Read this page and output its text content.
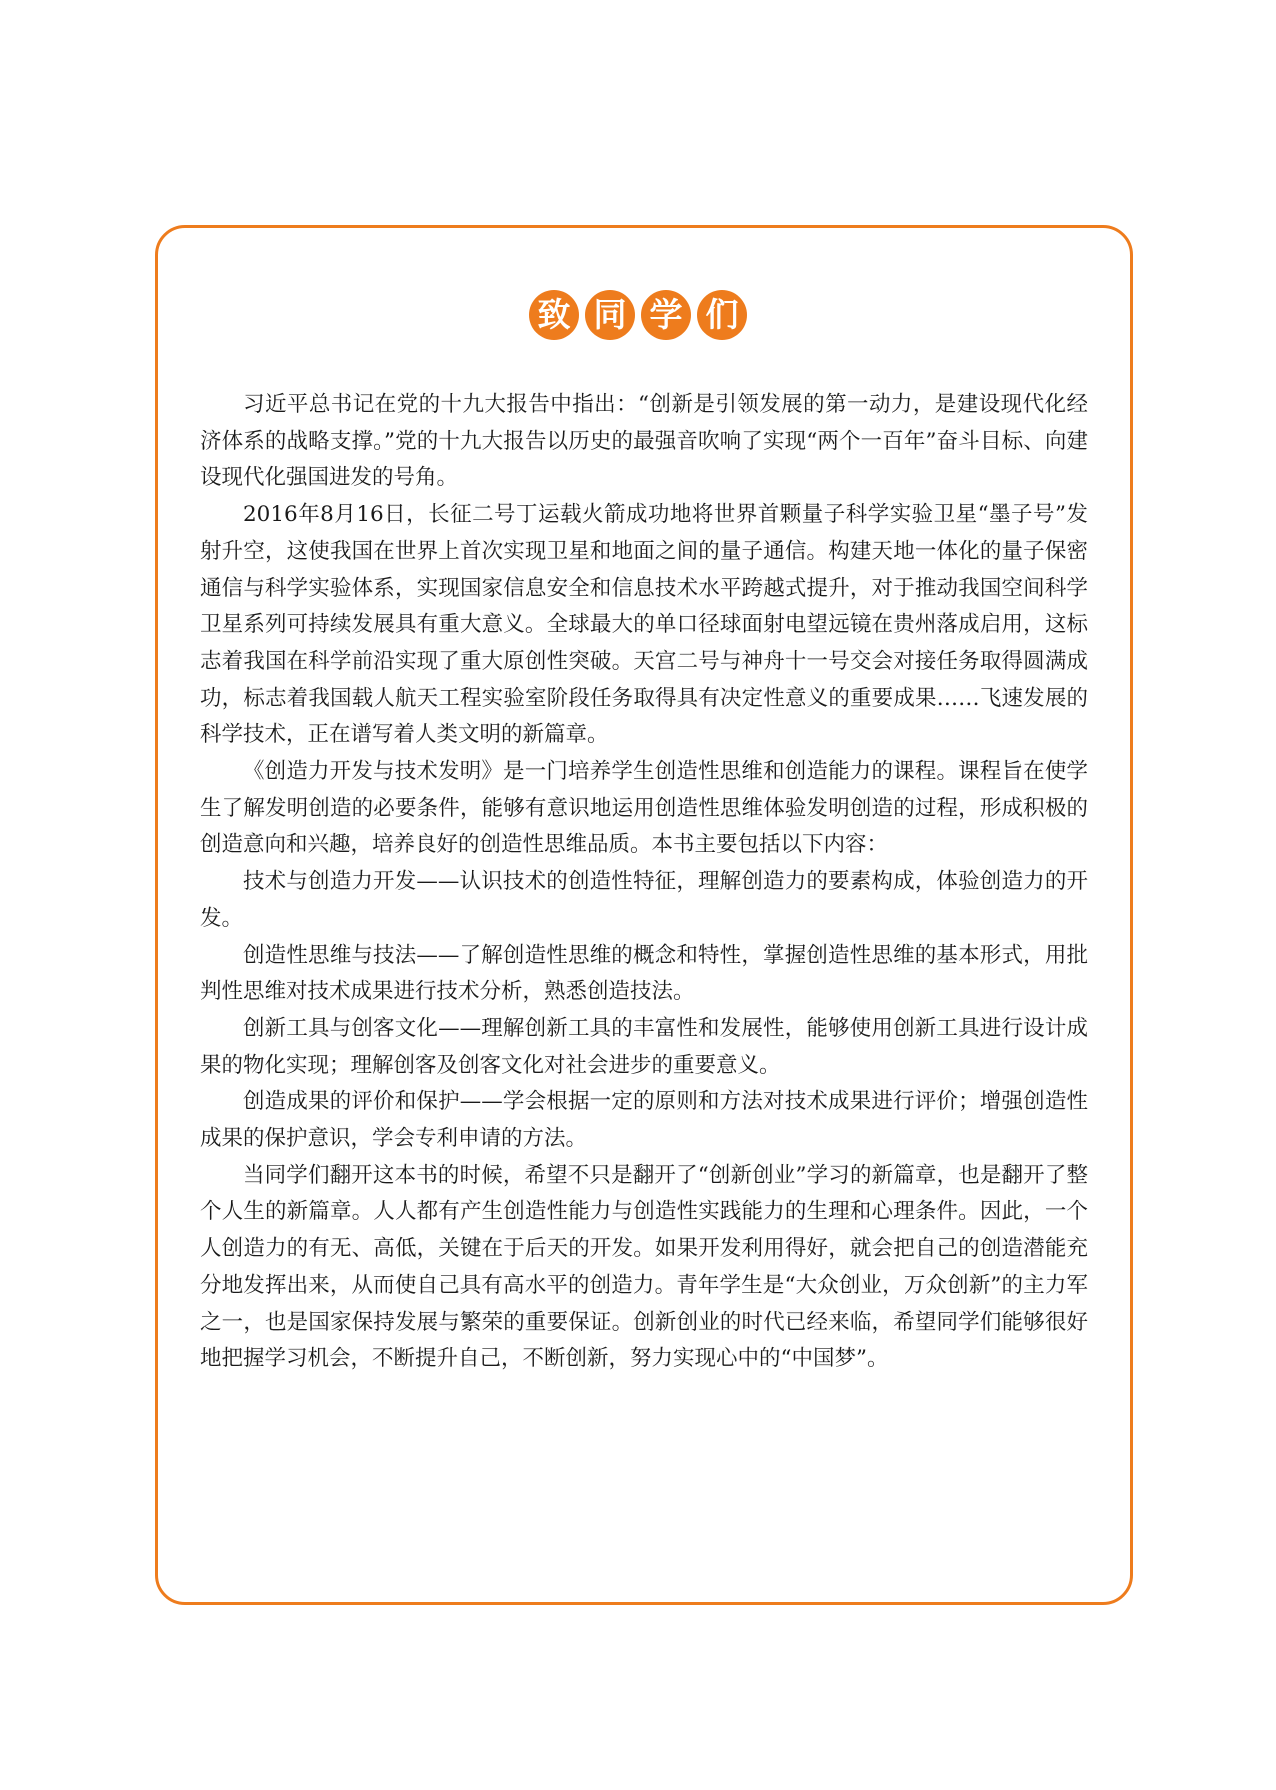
致 同 学 们

习近平总书记在党的十九大报告中指出：“创新是引领发展的第一动力，是建设现代化经济体系的战略支撑。”党的十九大报告以历史的最强音吹响了实现“两个一百年”奋斗目标、向建设现代化强国进发的号角。

2016年8月16日，长征二号丁运载火箭成功地将世界首颗量子科学实验卫星“墨子号”发射升空，这使我国在世界上首次实现卫星和地面之间的量子通信。构建天地一体化的量子保密通信与科学实验体系，实现国家信息安全和信息技术水平跨越式提升，对于推动我国空间科学卫星系列可持续发展具有重大意义。全球最大的单口径球面射电望远镜在贵州落成启用，这标志着我国在科学前沿实现了重大原创性突破。天宫二号与神舟十一号交会对接任务取得圆满成功，标志着我国载人航天工程实验室阶段任务取得具有决定性意义的重要成果……飞速发展的科学技术，正在谱写着人类文明的新篇章。

《创造力开发与技术发明》是一门培养学生创造性思维和创造能力的课程。课程旨在使学生了解发明创造的必要条件，能够有意识地运用创造性思维体验发明创造的过程，形成积极的创造意向和兴趣，培养良好的创造性思维品质。本书主要包括以下内容：

技术与创造力开发——认识技术的创造性特征，理解创造力的要素构成，体验创造力的开发。

创造性思维与技法——了解创造性思维的概念和特性，掌握创造性思维的基本形式，用批判性思维对技术成果进行技术分析，熟悉创造技法。

创新工具与创客文化——理解创新工具的丰富性和发展性，能够使用创新工具进行设计成果的物化实现；理解创客及创客文化对社会进步的重要意义。

创造成果的评价和保护——学会根据一定的原则和方法对技术成果进行评价；增强创造性成果的保护意识，学会专利申请的方法。

当同学们翻开这本书的时候，希望不只是翻开了“创新创业”学习的新篇章，也是翻开了整个人生的新篇章。人人都有产生创造性能力与创造性实践能力的生理和心理条件。因此，一个人创造力的有无、高低，关键在于后天的开发。如果开发利用得好，就会把自己的创造潜能充分地发挥出来，从而使自己具有高水平的创造力。青年学生是“大众创业，万众创新”的主力军之一，也是国家保持发展与繁荣的重要保证。创新创业的时代已经来临，希望同学们能够很好地把握学习机会，不断提升自己，不断创新，努力实现心中的“中国梦”。
